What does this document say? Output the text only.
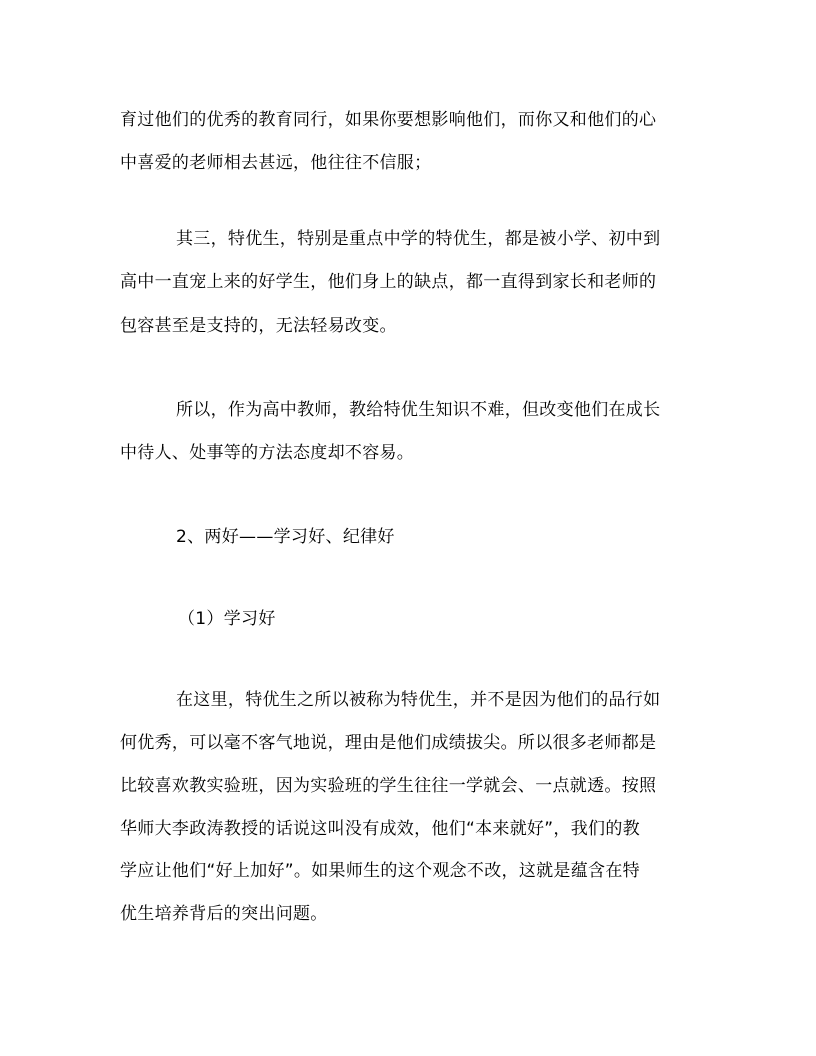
育过他们的优秀的教育同行，如果你要想影响他们，而你又和他们的心
中喜爱的老师相去甚远，他往往不信服；
其三，特优生，特别是重点中学的特优生，都是被小学、初中到
高中一直宠上来的好学生，他们身上的缺点，都一直得到家长和老师的
包容甚至是支持的，无法轻易改变。
所以，作为高中教师，教给特优生知识不难，但改变他们在成长
中待人、处事等的方法态度却不容易。
2、两好——学习好、纪律好
（1）学习好
在这里，特优生之所以被称为特优生，并不是因为他们的品行如
何优秀，可以毫不客气地说，理由是他们成绩拔尖。所以很多老师都是
比较喜欢教实验班，因为实验班的学生往往一学就会、一点就透。按照
华师大李政涛教授的话说这叫没有成效，他们“本来就好”，我们的教
学应让他们“好上加好”。如果师生的这个观念不改，这就是蕴含在特
优生培养背后的突出问题。
